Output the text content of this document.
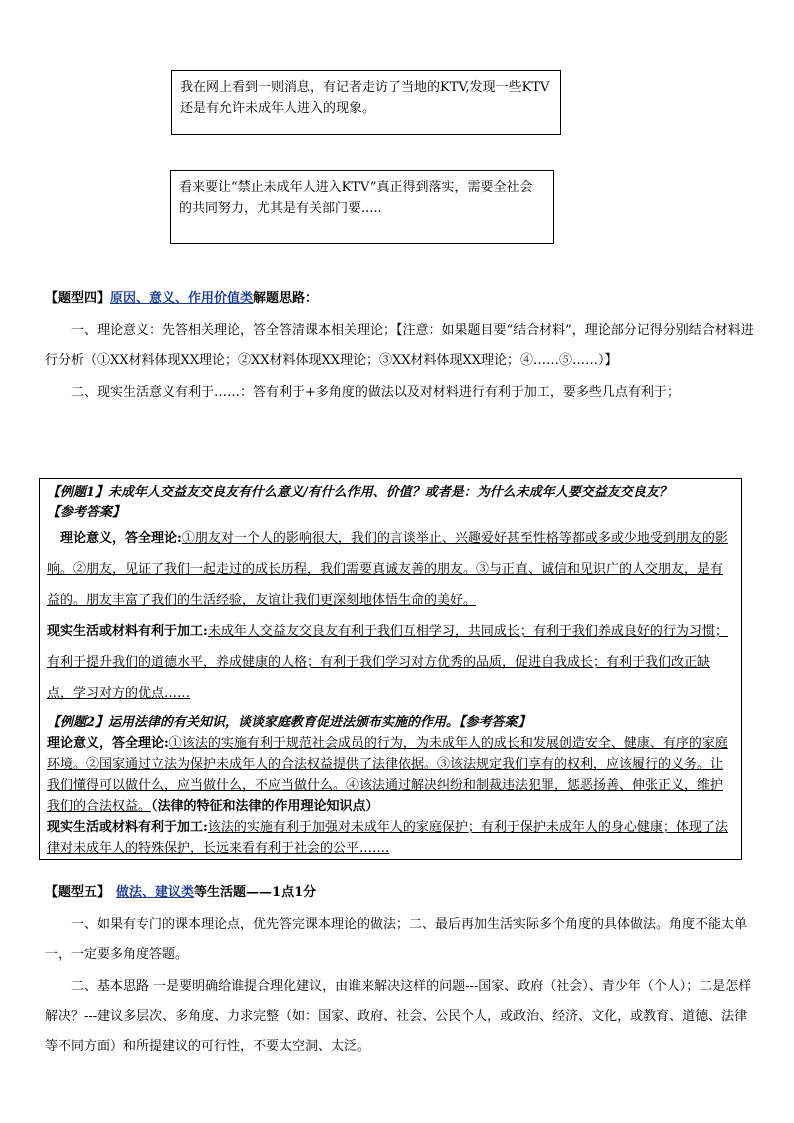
我在网上看到一则消息，有记者走访了当地的KTV,发现一些KTV还是有允许未成年人进入的现象。
看来要让“禁止未成年人进入KTV”真正得到落实，需要全社会的共同努力，尤其是有关部门要.....
【题型四】原因、意义、作用价值类解题思路：
一、理论意义：先答相关理论，答全答清课本相关理论；【注意：如果题目要“结合材料”，理论部分记得分别结合材料进行分析（①XX材料体现XX理论；②XX材料体现XX理论；③XX材料体现XX理论；④……⑤……）】
二、现实生活意义有利于……：答有利于+多角度的做法以及对材料进行有利于加工，要多些几点有利于；
【例题1】未成年人交益友交良友有什么意义/有什么作用、价值？或者是：为什么未成年人要交益友交良友？
【参考答案】
理论意义，答全理论:①朋友对一个人的影响很大，我们的言谈举止、兴趣爱好甚至性格等都或多或少地受到朋友的影响。②朋友，见证了我们一起走过的成长历程，我们需要真诚友善的朋友。③与正直、诚信和见识广的人交朋友，是有益的。朋友丰富了我们的生活经验，友谊让我们更深刻地体悟生命的美好。
现实生活或材料有利于加工:未成年人交益友交良友有利于我们互相学习，共同成长；有利于我们养成良好的行为习惯；有利于提升我们的道德水平，养成健康的人格；有利于我们学习对方优秀的品质，促进自我成长；有利于我们改正缺点，学习对方的优点……
【例题2】运用法律的有关知识，谈谈家庭教育促进法颁布实施的作用。【参考答案】
理论意义，答全理论:①该法的实施有利于规范社会成员的行为，为未成年人的成长和发展创造安全、健康、有序的家庭环境。②国家通过立法为保护未成年人的合法权益提供了法律依据。③该法规定我们享有的权利，应该履行的义务。让我们懂得可以做什么，应当做什么，不应当做什么。④该法通过解决纠纷和制裁违法犯罪，惩恶扬善、伸张正义，维护我们的合法权益。（法律的特征和法律的作用理论知识点）
现实生活或材料有利于加工:该法的实施有利于加强对未成年人的家庭保护；有利于保护未成年人的身心健康；体现了法律对未成年人的特殊保护，长远来看有利于社会的公平…….
【题型五】 做法、建议类等生活题——1点1分
一、如果有专门的课本理论点，优先答完课本理论的做法；二、最后再加生活实际多个角度的具体做法。角度不能太单一，一定要多角度答题。
二、基本思路 一是要明确给谁提合理化建议，由谁来解决这样的问题---国家、政府（社会）、青少年（个人）；二是怎样解决？---建议多层次、多角度、力求完整（如：国家、政府、社会、公民个人，或政治、经济、文化，或教育、道德、法律等不同方面）和所提建议的可行性，不要太空洞、太泛。
